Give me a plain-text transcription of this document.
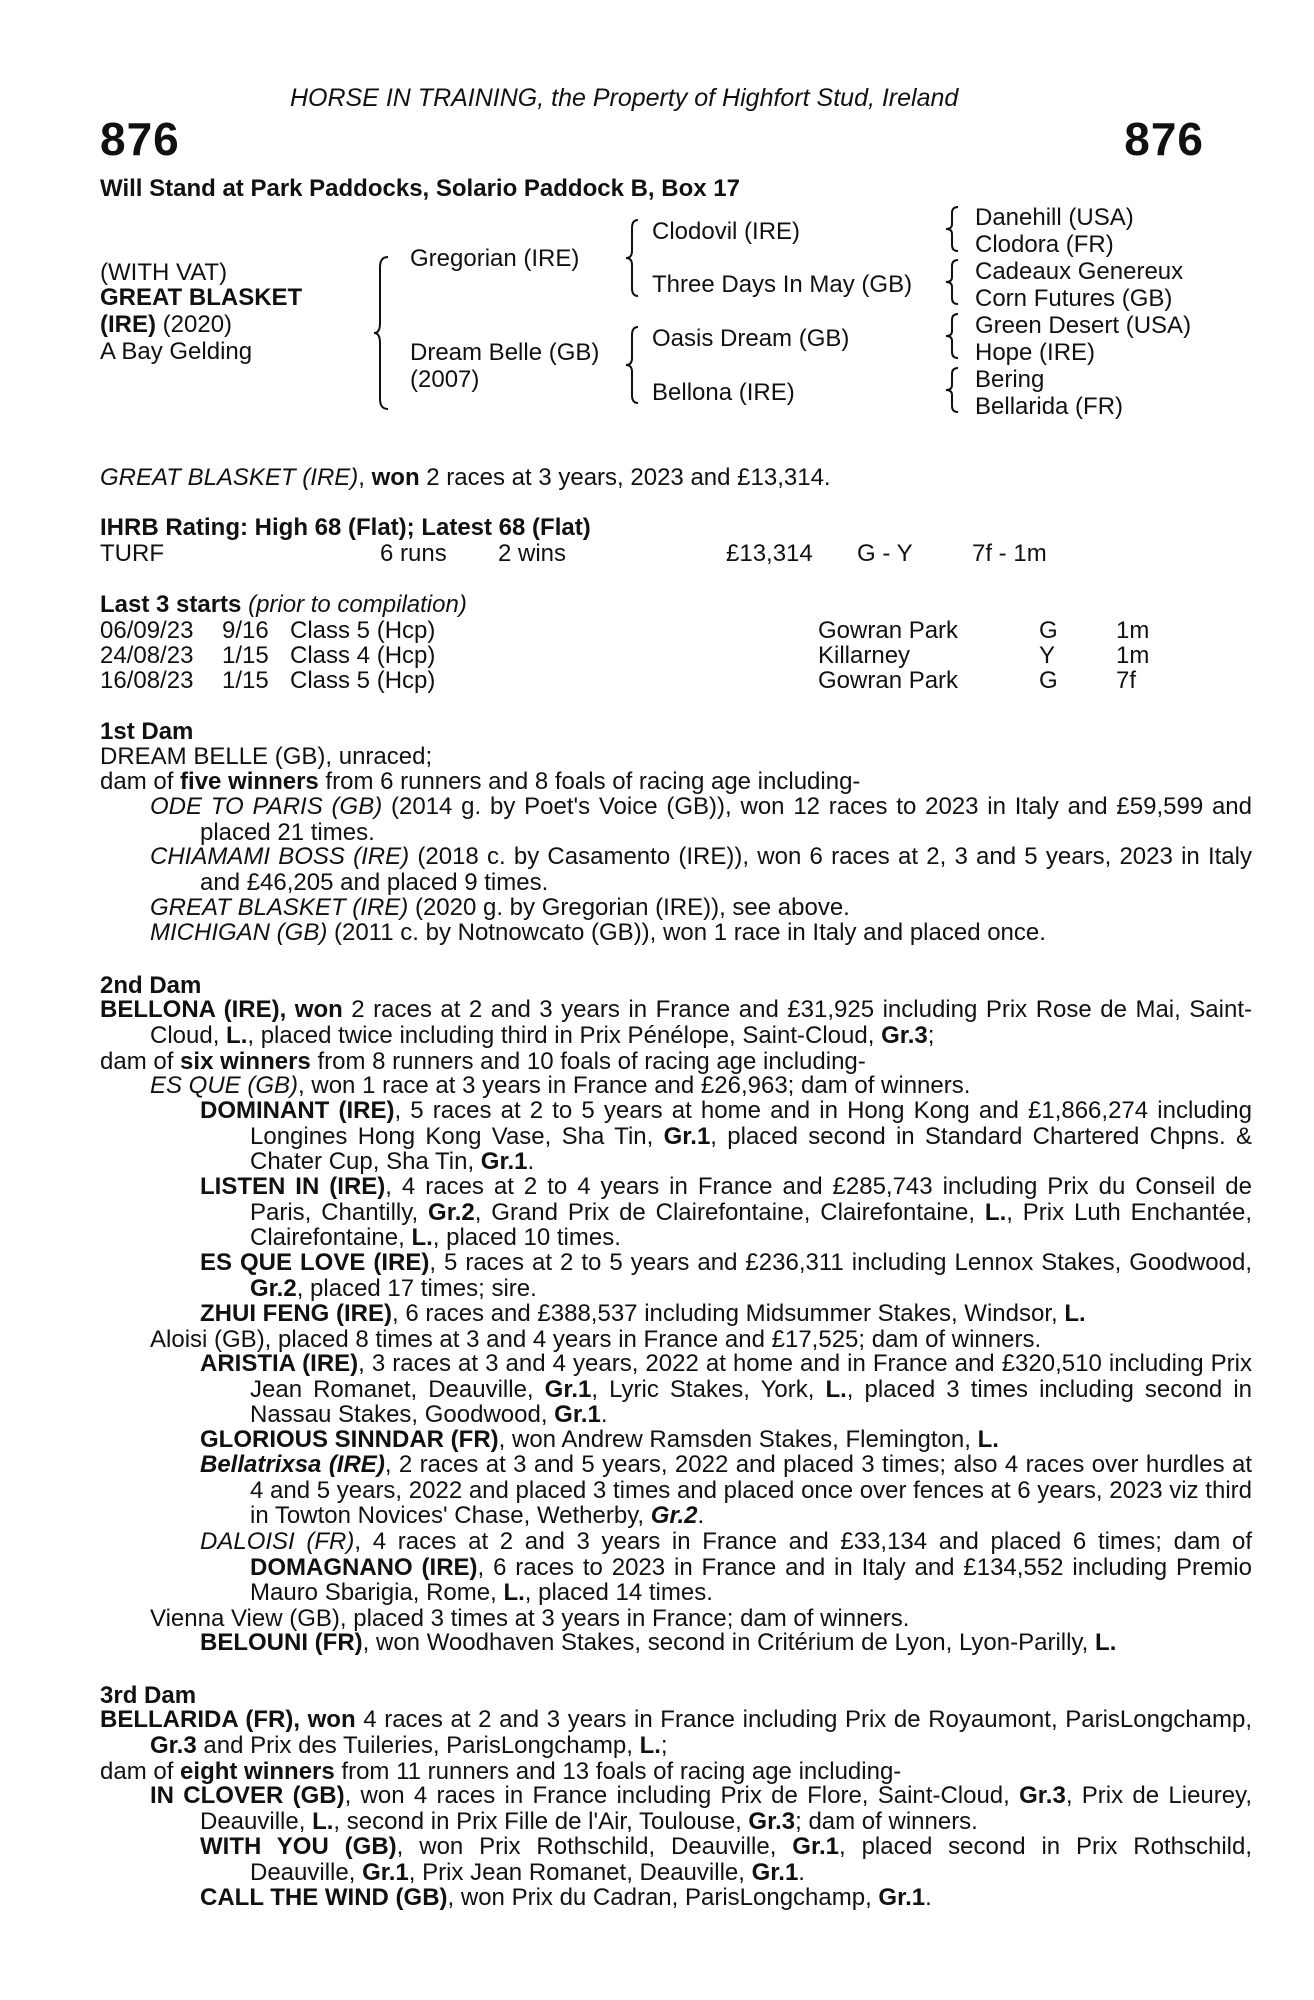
HORSE IN TRAINING, the Property of Highfort Stud, Ireland
876	876
Will Stand at Park Paddocks, Solario Paddock B, Box 17
(WITH VAT)
GREAT BLASKET
(IRE) (2020)
A Bay Gelding
Gregorian (IRE)
Dream Belle (GB)
(2007)
Clodovil (IRE)
Three Days In May (GB)
Oasis Dream (GB)
Bellona (IRE)
Danehill (USA)
Clodora (FR)
Cadeaux Genereux
Corn Futures (GB)
Green Desert (USA)
Hope (IRE)
Bering
Bellarida (FR)
GREAT BLASKET (IRE), won 2 races at 3 years, 2023 and £13,314.
IHRB Rating: High 68 (Flat); Latest 68 (Flat)
TURF	6 runs 2 wins	£13,314 G - Y 7f - 1m
Last 3 starts (prior to compilation)
06/09/23 9/16 Class 5 (Hcp)	Gowran Park	G 1m
24/08/23 1/15 Class 4 (Hcp)	Killarney	Y	1m
16/08/23 1/15 Class 5 (Hcp)	Gowran Park	G 7f
1st Dam
DREAM BELLE (GB), unraced;
dam of five winners from 6 runners and 8 foals of racing age including-
ODE TO PARIS (GB) (2014 g. by Poet's Voice (GB)), won 12 races to 2023 in Italy and £59,599 and placed 21 times.
CHIAMAMI BOSS (IRE) (2018 c. by Casamento (IRE)), won 6 races at 2, 3 and 5 years, 2023 in Italy and £46,205 and placed 9 times.
GREAT BLASKET (IRE) (2020 g. by Gregorian (IRE)), see above.
MICHIGAN (GB) (2011 c. by Notnowcato (GB)), won 1 race in Italy and placed once.
2nd Dam
BELLONA (IRE), won 2 races at 2 and 3 years in France and £31,925 including Prix Rose de Mai, Saint-Cloud, L., placed twice including third in Prix Pénélope, Saint-Cloud, Gr.3;
dam of six winners from 8 runners and 10 foals of racing age including-
ES QUE (GB), won 1 race at 3 years in France and £26,963; dam of winners.
DOMINANT (IRE), 5 races at 2 to 5 years at home and in Hong Kong and £1,866,274 including Longines Hong Kong Vase, Sha Tin, Gr.1, placed second in Standard Chartered Chpns. & Chater Cup, Sha Tin, Gr.1.
LISTEN IN (IRE), 4 races at 2 to 4 years in France and £285,743 including Prix du Conseil de Paris, Chantilly, Gr.2, Grand Prix de Clairefontaine, Clairefontaine, L., Prix Luth Enchantée, Clairefontaine, L., placed 10 times.
ES QUE LOVE (IRE), 5 races at 2 to 5 years and £236,311 including Lennox Stakes, Goodwood, Gr.2, placed 17 times; sire.
ZHUI FENG (IRE), 6 races and £388,537 including Midsummer Stakes, Windsor, L.
Aloisi (GB), placed 8 times at 3 and 4 years in France and £17,525; dam of winners.
ARISTIA (IRE), 3 races at 3 and 4 years, 2022 at home and in France and £320,510 including Prix Jean Romanet, Deauville, Gr.1, Lyric Stakes, York, L., placed 3 times including second in Nassau Stakes, Goodwood, Gr.1.
GLORIOUS SINNDAR (FR), won Andrew Ramsden Stakes, Flemington, L.
Bellatrixsa (IRE), 2 races at 3 and 5 years, 2022 and placed 3 times; also 4 races over hurdles at 4 and 5 years, 2022 and placed 3 times and placed once over fences at 6 years, 2023 viz third in Towton Novices' Chase, Wetherby, Gr.2.
DALOISI (FR), 4 races at 2 and 3 years in France and £33,134 and placed 6 times; dam of DOMAGNANO (IRE), 6 races to 2023 in France and in Italy and £134,552 including Premio Mauro Sbarigia, Rome, L., placed 14 times.
Vienna View (GB), placed 3 times at 3 years in France; dam of winners.
BELOUNI (FR), won Woodhaven Stakes, second in Critérium de Lyon, Lyon-Parilly, L.
3rd Dam
BELLARIDA (FR), won 4 races at 2 and 3 years in France including Prix de Royaumont, ParisLongchamp, Gr.3 and Prix des Tuileries, ParisLongchamp, L.;
dam of eight winners from 11 runners and 13 foals of racing age including-
IN CLOVER (GB), won 4 races in France including Prix de Flore, Saint-Cloud, Gr.3, Prix de Lieurey, Deauville, L., second in Prix Fille de l'Air, Toulouse, Gr.3; dam of winners.
WITH YOU (GB), won Prix Rothschild, Deauville, Gr.1, placed second in Prix Rothschild, Deauville, Gr.1, Prix Jean Romanet, Deauville, Gr.1.
CALL THE WIND (GB), won Prix du Cadran, ParisLongchamp, Gr.1.
